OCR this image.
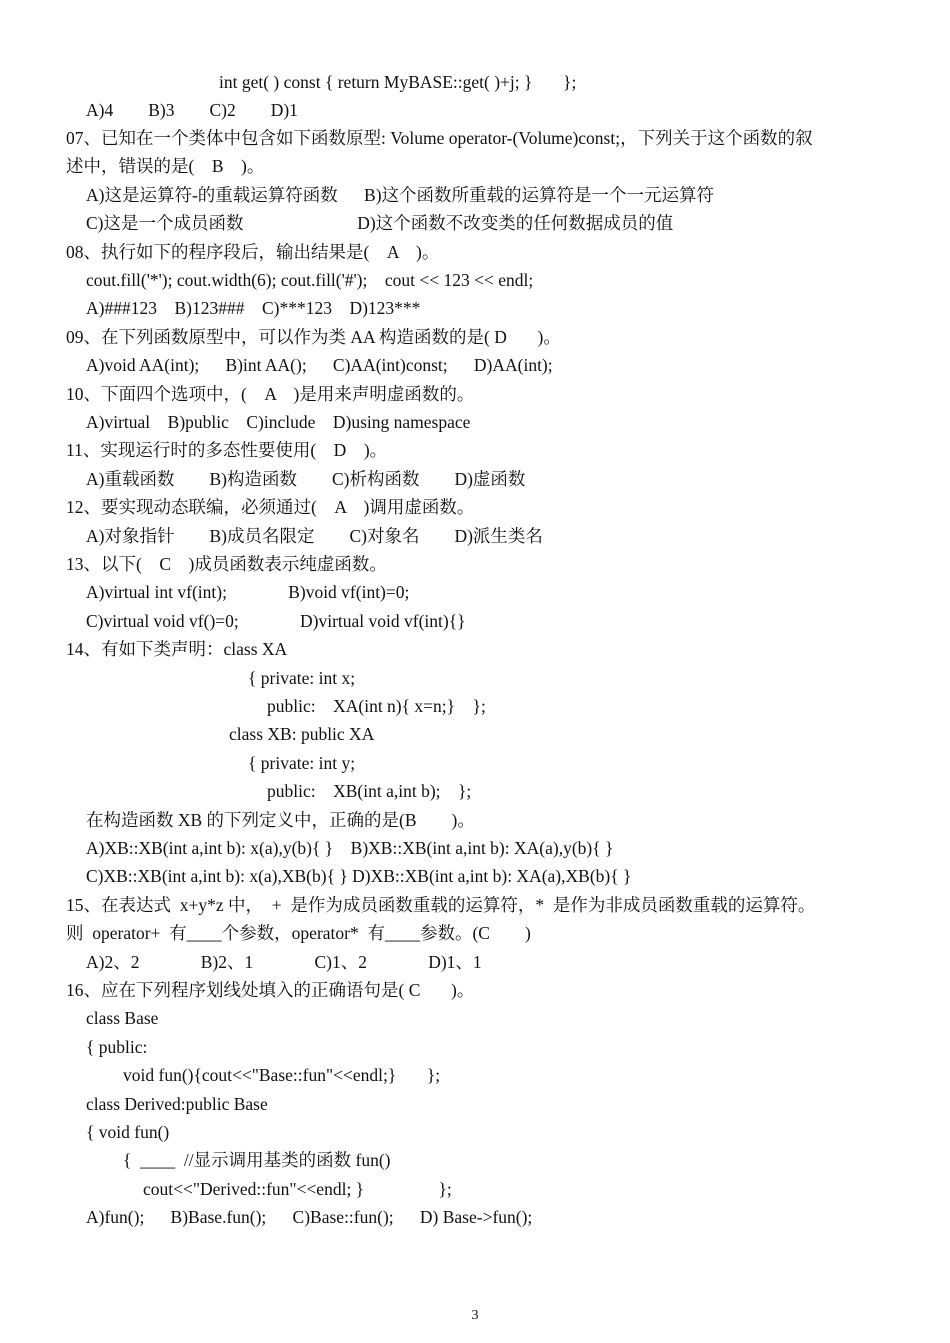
int get( ) const { return MyBASE::get( )+j; }       };
A)4        B)3        C)2        D)1
07、已知在一个类体中包含如下函数原型: Volume operator-(Volume)const;，下列关于这个函数的叙
述中，错误的是(    B    )。
A)这是运算符-的重载运算符函数      B)这个函数所重载的运算符是一个一元运算符
C)这是一个成员函数                          D)这个函数不改变类的任何数据成员的值
08、执行如下的程序段后，输出结果是(    A    )。
cout.fill('*'); cout.width(6); cout.fill('#');    cout << 123 << endl;
A)###123    B)123###    C)***123    D)123***
09、在下列函数原型中，可以作为类 AA 构造函数的是( D       )。
A)void AA(int);      B)int AA();      C)AA(int)const;      D)AA(int);
10、下面四个选项中，(    A    )是用来声明虚函数的。
A)virtual    B)public    C)include    D)using namespace
11、实现运行时的多态性要使用(    D    )。
A)重载函数        B)构造函数        C)析构函数        D)虚函数
12、要实现动态联编，必须通过(    A    )调用虚函数。
A)对象指针        B)成员名限定        C)对象名        D)派生类名
13、以下(    C    )成员函数表示纯虚函数。
A)virtual int vf(int);              B)void vf(int)=0;
C)virtual void vf()=0;              D)virtual void vf(int){}
14、有如下类声明：class XA
{ private: int x;
public:    XA(int n){ x=n;}    };
class XB: public XA
{ private: int y;
public:    XB(int a,int b);    };
在构造函数 XB 的下列定义中，正确的是(B        )。
A)XB::XB(int a,int b): x(a),y(b){ }    B)XB::XB(int a,int b): XA(a),y(b){ }
C)XB::XB(int a,int b): x(a),XB(b){ } D)XB::XB(int a,int b): XA(a),XB(b){ }
15、在表达式  x+y*z 中，  +  是作为成员函数重载的运算符，*  是作为非成员函数重载的运算符。
则  operator+  有____个参数，operator*  有____参数。(C        )
A)2、2              B)2、1              C)1、2              D)1、1
16、应在下列程序划线处填入的正确语句是( C       )。
class Base
{ public:
void fun(){cout<<"Base::fun"<<endl;}       };
class Derived:public Base
{ void fun()
{  ____  //显示调用基类的函数 fun()
cout<<"Derived::fun"<<endl; }                 };
A)fun();      B)Base.fun();      C)Base::fun();      D) Base->fun();
3
